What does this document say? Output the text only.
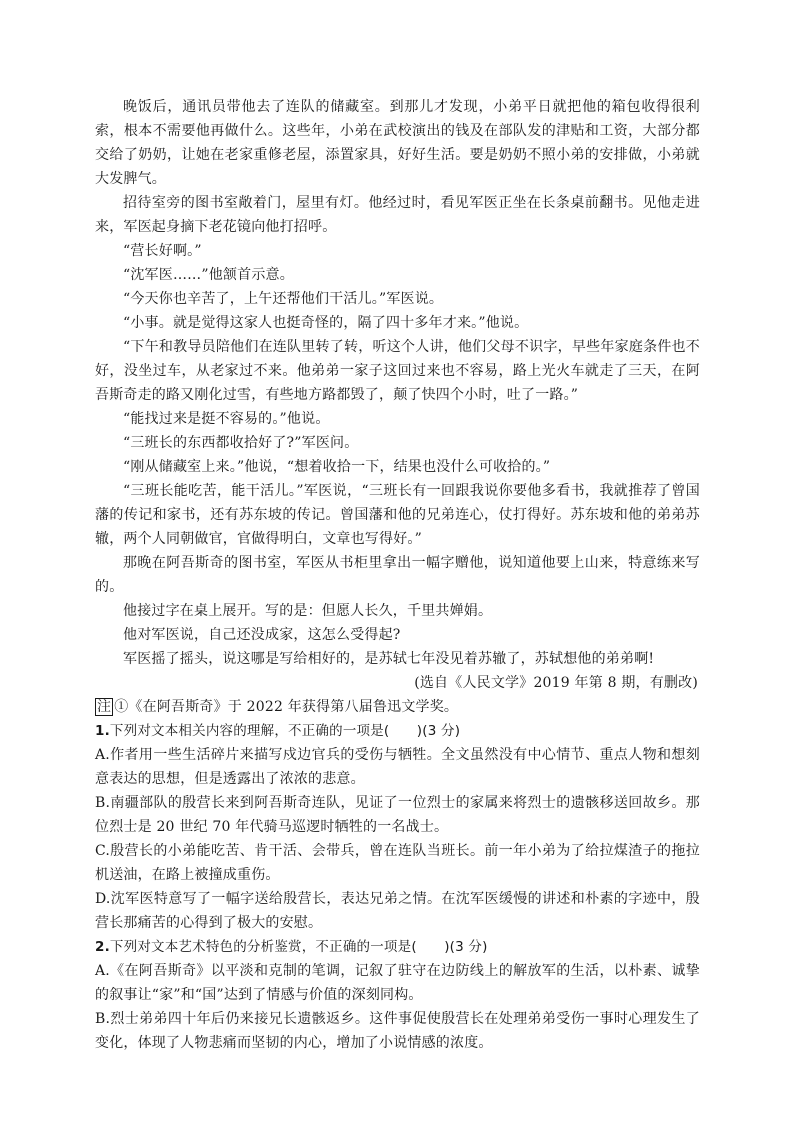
晚饭后，通讯员带他去了连队的储藏室。到那儿才发现，小弟平日就把他的箱包收得很利索，根本不需要他再做什么。这些年，小弟在武校演出的钱及在部队发的津贴和工资，大部分都交给了奶奶，让她在老家重修老屋，添置家具，好好生活。要是奶奶不照小弟的安排做，小弟就大发脾气。

招待室旁的图书室敞着门，屋里有灯。他经过时，看见军医正坐在长条桌前翻书。见他走进来，军医起身摘下老花镜向他打招呼。

“营长好啊。”

“沈军医……”他颔首示意。

“今天你也辛苦了，上午还帮他们干活儿。”军医说。

“小事。就是觉得这家人也挺奇怪的，隔了四十多年才来。”他说。

“下午和教导员陪他们在连队里转了转，听这个人讲，他们父母不识字，早些年家庭条件也不好，没坐过车，从老家过不来。他弟弟一家子这回过来也不容易，路上光火车就走了三天，在阿吾斯奇走的路又刚化过雪，有些地方路都毁了，颠了快四个小时，吐了一路。”

“能找过来是挺不容易的。”他说。

“三班长的东西都收拾好了?”军医问。

“刚从储藏室上来。”他说，“想着收拾一下，结果也没什么可收拾的。”

“三班长能吃苦，能干活儿。”军医说，“三班长有一回跟我说你要他多看书，我就推荐了曾国藩的传记和家书，还有苏东坡的传记。曾国藩和他的兄弟连心，仗打得好。苏东坡和他的弟弟苏辙，两个人同朝做官，官做得明白，文章也写得好。”

那晚在阿吾斯奇的图书室，军医从书柜里拿出一幅字赠他，说知道他要上山来，特意练来写的。

他接过字在桌上展开。写的是：但愿人长久，千里共婵娟。

他对军医说，自己还没成家，这怎么受得起?

军医摇了摇头，说这哪是写给相好的，是苏轼七年没见着苏辙了，苏轼想他的弟弟啊!

(选自《人民文学》2019 年第 8 期，有删改)

注 ①《在阿吾斯奇》于 2022 年获得第八届鲁迅文学奖。

1.下列对文本相关内容的理解，不正确的一项是(　　)(3 分)

A.作者用一些生活碎片来描写戍边官兵的受伤与牺牲。全文虽然没有中心情节、重点人物和想刻意表达的思想，但是透露出了浓浓的悲意。

B.南疆部队的殷营长来到阿吾斯奇连队，见证了一位烈士的家属来将烈士的遗骸移送回故乡。那位烈士是 20 世纪 70 年代骑马巡逻时牺牲的一名战士。

C.殷营长的小弟能吃苦、肯干活、会带兵，曾在连队当班长。前一年小弟为了给拉煤渣子的拖拉机送油，在路上被撞成重伤。

D.沈军医特意写了一幅字送给殷营长，表达兄弟之情。在沈军医缓慢的讲述和朴素的字迹中，殷营长那痛苦的心得到了极大的安慰。

2.下列对文本艺术特色的分析鉴赏，不正确的一项是(　　)(3 分)

A.《在阿吾斯奇》以平淡和克制的笔调，记叙了驻守在边防线上的解放军的生活，以朴素、诚挚的叙事让“家”和“国”达到了情感与价值的深刻同构。

B.烈士弟弟四十年后仍来接兄长遗骸返乡。这件事促使殷营长在处理弟弟受伤一事时心理发生了变化，体现了人物悲痛而坚韧的内心，增加了小说情感的浓度。
